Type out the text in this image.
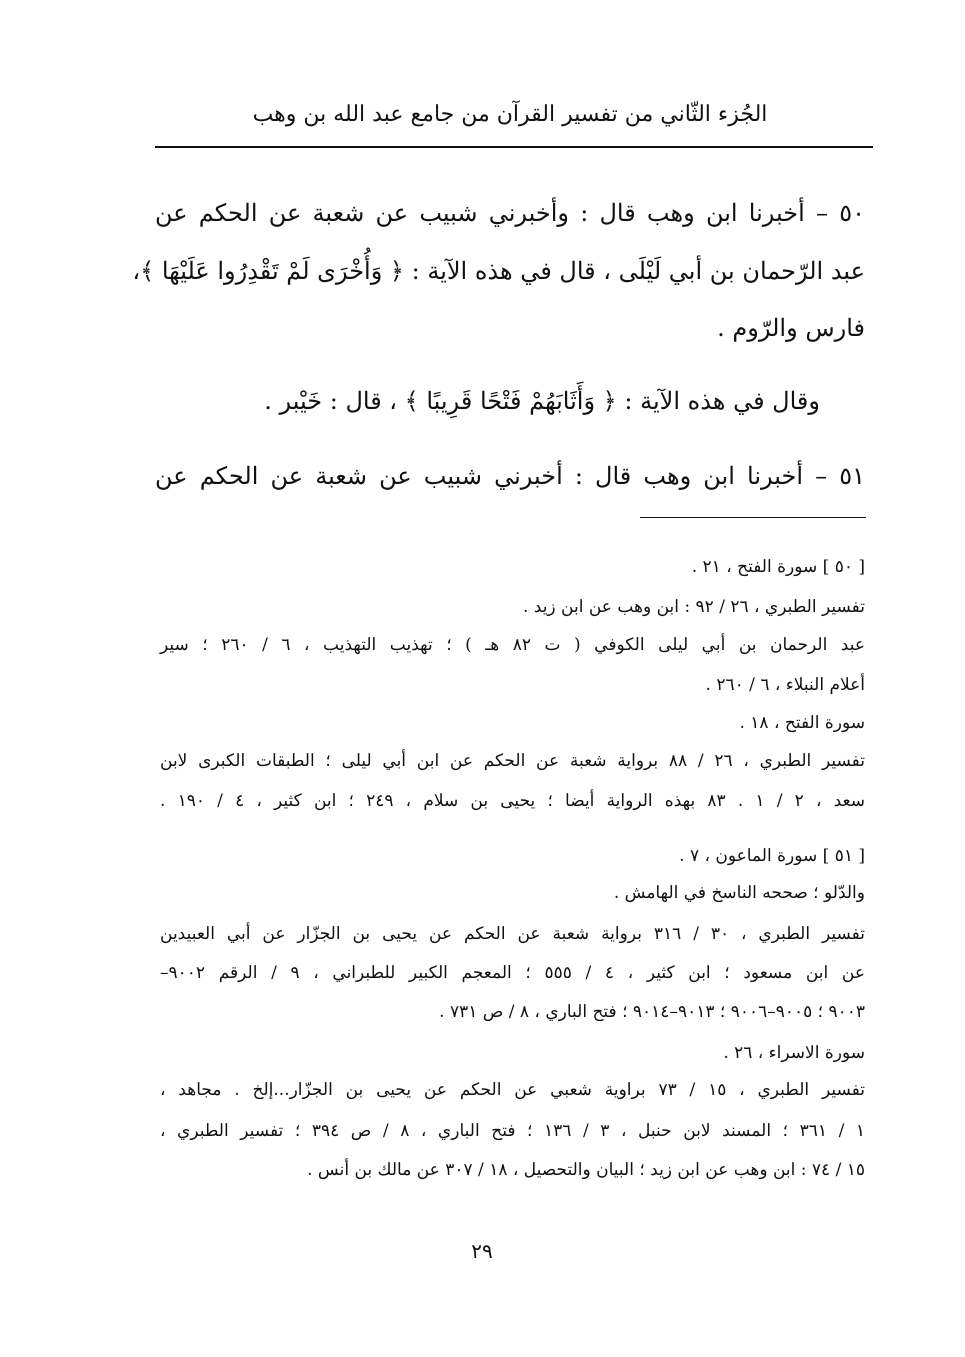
الجُزء الثّاني من تفسير القرآن من جامع عبد الله بن وهب
٥٠ – أخبرنا ابن وهب قال : وأخبرني شبيب عن شعبة عن الحكم عن
عبد الرّحمان بن أبي لَيْلَى ، قال في هذه الآية : ﴿ وَأُخْرَى لَمْ تَقْدِرُوا عَلَيْهَا ﴾،
فارس والرّوم .
وقال في هذه الآية : ﴿ وَأَثَابَهُمْ فَتْحًا قَرِيبًا ﴾ ، قال : خَيْبر .
٥١ – أخبرنا ابن وهب قال : أخبرني شبيب عن شعبة عن الحكم عن
[ ٥٠ ] سورة الفتح ، ٢١ .
تفسير الطبري ، ٢٦ / ٩٢ : ابن وهب عن ابن زيد .
عبد الرحمان بن أبي ليلى الكوفي ( ت ٨٢ هـ ) ؛ تهذيب التهذيب ، ٦ / ٢٦٠ ؛ سير
أعلام النبلاء ، ٦ / ٢٦٠ .
سورة الفتح ، ١٨ .
تفسير الطبري ، ٢٦ / ٨٨ برواية شعبة عن الحكم عن ابن أبي ليلى ؛ الطبقات الكبرى لابن
سعد ، ٢ / ١ . ٨٣ بهذه الرواية أيضا ؛ يحيى بن سلام ، ٢٤٩ ؛ ابن كثير ، ٤ / ١٩٠ .
[ ٥١ ] سورة الماعون ، ٧ .
والدّلو ؛ صححه الناسخ في الهامش .
تفسير الطبري ، ٣٠ / ٣١٦ برواية شعبة عن الحكم عن يحيى بن الجزّار عن أبي العبيدين
عن ابن مسعود ؛ ابن كثير ، ٤ / ٥٥٥ ؛ المعجم الكبير للطبراني ، ٩ / الرقم ٩٠٠٢–
٩٠٠٣ ؛ ٩٠٠٥–٩٠٠٦ ؛ ٩٠١٣–٩٠١٤ ؛ فتح الباري ، ٨ / ص ٧٣١ .
سورة الاسراء ، ٢٦ .
تفسير الطبري ، ١٥ / ٧٣ براوية شعبي عن الحكم عن يحيى بن الجزّار...إلخ . مجاهد ،
١ / ٣٦١ ؛ المسند لابن حنبل ، ٣ / ١٣٦ ؛ فتح الباري ، ٨ / ص ٣٩٤ ؛ تفسير الطبري ،
١٥ / ٧٤ : ابن وهب عن ابن زيد ؛ البيان والتحصيل ، ١٨ / ٣٠٧ عن مالك بن أنس .
٢٩
